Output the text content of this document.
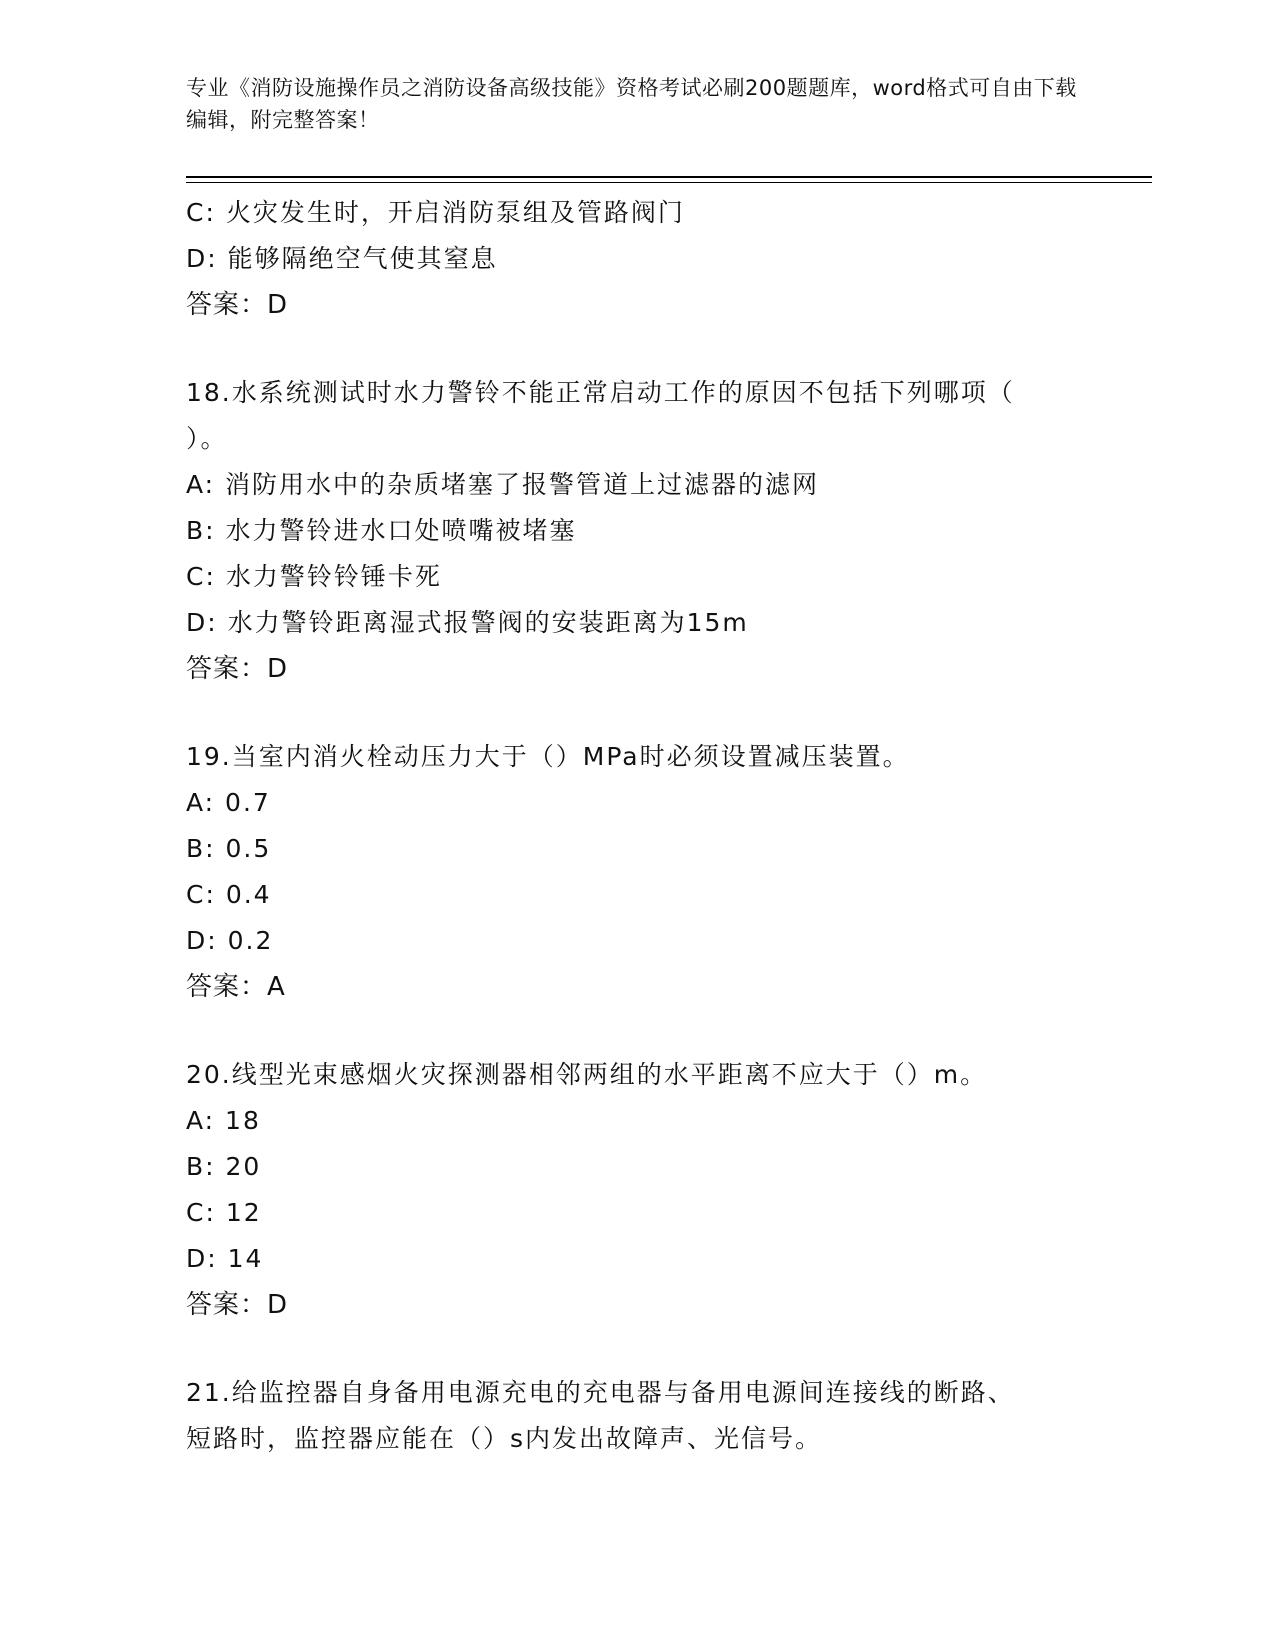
专业《消防设施操作员之消防设备高级技能》资格考试必刷200题题库，word格式可自由下载编辑，附完整答案！
C: 火灾发生时，开启消防泵组及管路阀门
D: 能够隔绝空气使其窒息
答案：D
18.水系统测试时水力警铃不能正常启动工作的原因不包括下列哪项（
）。
A: 消防用水中的杂质堵塞了报警管道上过滤器的滤网
B: 水力警铃进水口处喷嘴被堵塞
C: 水力警铃铃锤卡死
D: 水力警铃距离湿式报警阀的安装距离为15m
答案：D
19.当室内消火栓动压力大于（）MPa时必须设置减压装置。
A: 0.7
B: 0.5
C: 0.4
D: 0.2
答案：A
20.线型光束感烟火灾探测器相邻两组的水平距离不应大于（）m。
A: 18
B: 20
C: 12
D: 14
答案：D
21.给监控器自身备用电源充电的充电器与备用电源间连接线的断路、
短路时，监控器应能在（）s内发出故障声、光信号。
